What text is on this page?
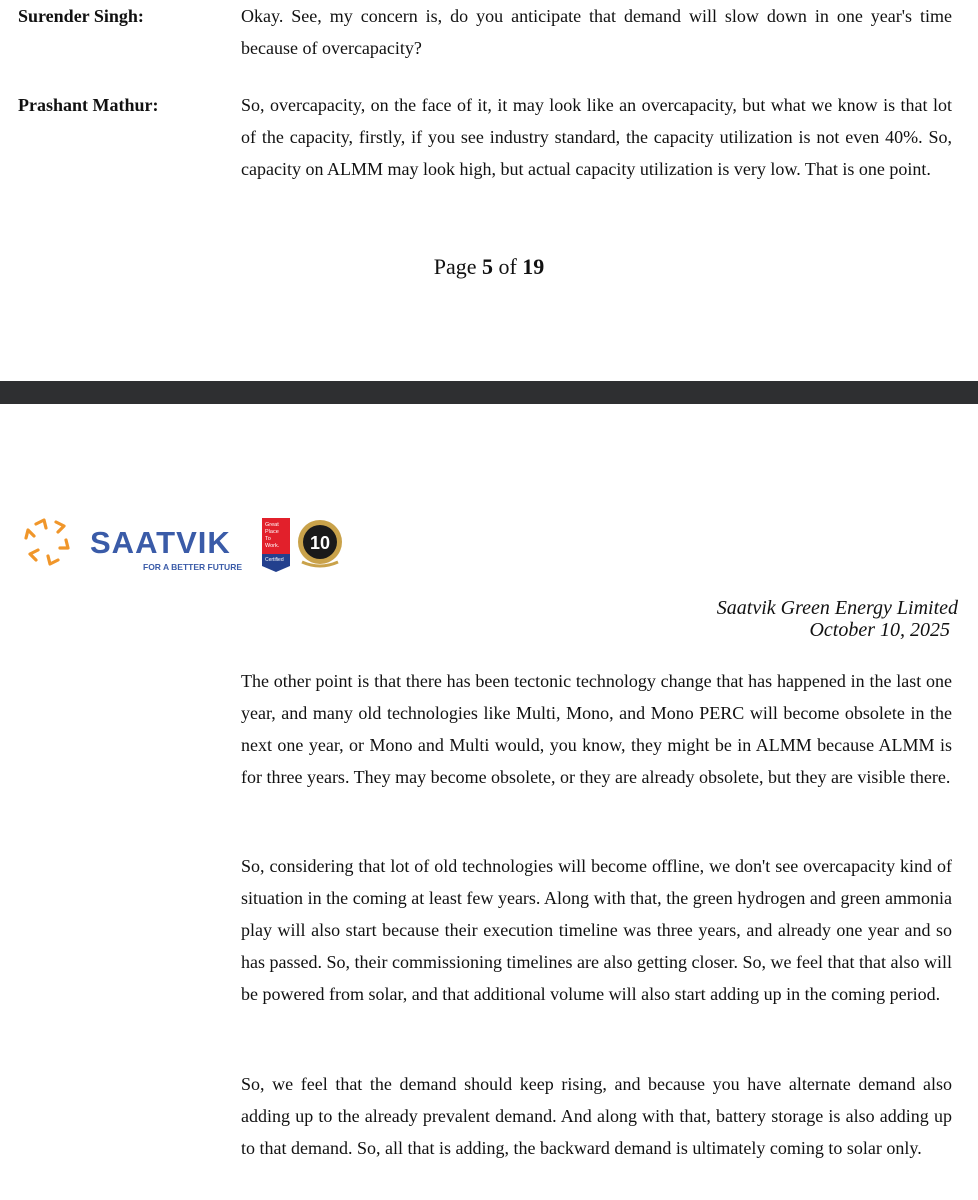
Surender Singh:	Okay. See, my concern is, do you anticipate that demand will slow down in one year's time because of overcapacity?

Prashant Mathur:	So, overcapacity, on the face of it, it may look like an overcapacity, but what we know is that lot of the capacity, firstly, if you see industry standard, the capacity utilization is not even 40%. So, capacity on ALMM may look high, but actual capacity utilization is very low. That is one point.

Page 5 of 19
SAATVIK
FOR A BETTER FUTURE
Great
Place
To
Work.
Certified
10
Saatvik Green Energy Limited
October 10, 2025

The other point is that there has been tectonic technology change that has happened in the last one year, and many old technologies like Multi, Mono, and Mono PERC will become obsolete in the next one year, or Mono and Multi would, you know, they might be in ALMM because ALMM is for three years. They may become obsolete, or they are already obsolete, but they are visible there.

So, considering that lot of old technologies will become offline, we don't see overcapacity kind of situation in the coming at least few years. Along with that, the green hydrogen and green ammonia play will also start because their execution timeline was three years, and already one year and so has passed. So, their commissioning timelines are also getting closer. So, we feel that that also will be powered from solar, and that additional volume will also start adding up in the coming period.

So, we feel that the demand should keep rising, and because you have alternate demand also adding up to the already prevalent demand. And along with that, battery storage is also adding up to that demand. So, all that is adding, the backward demand is ultimately coming to solar only.
